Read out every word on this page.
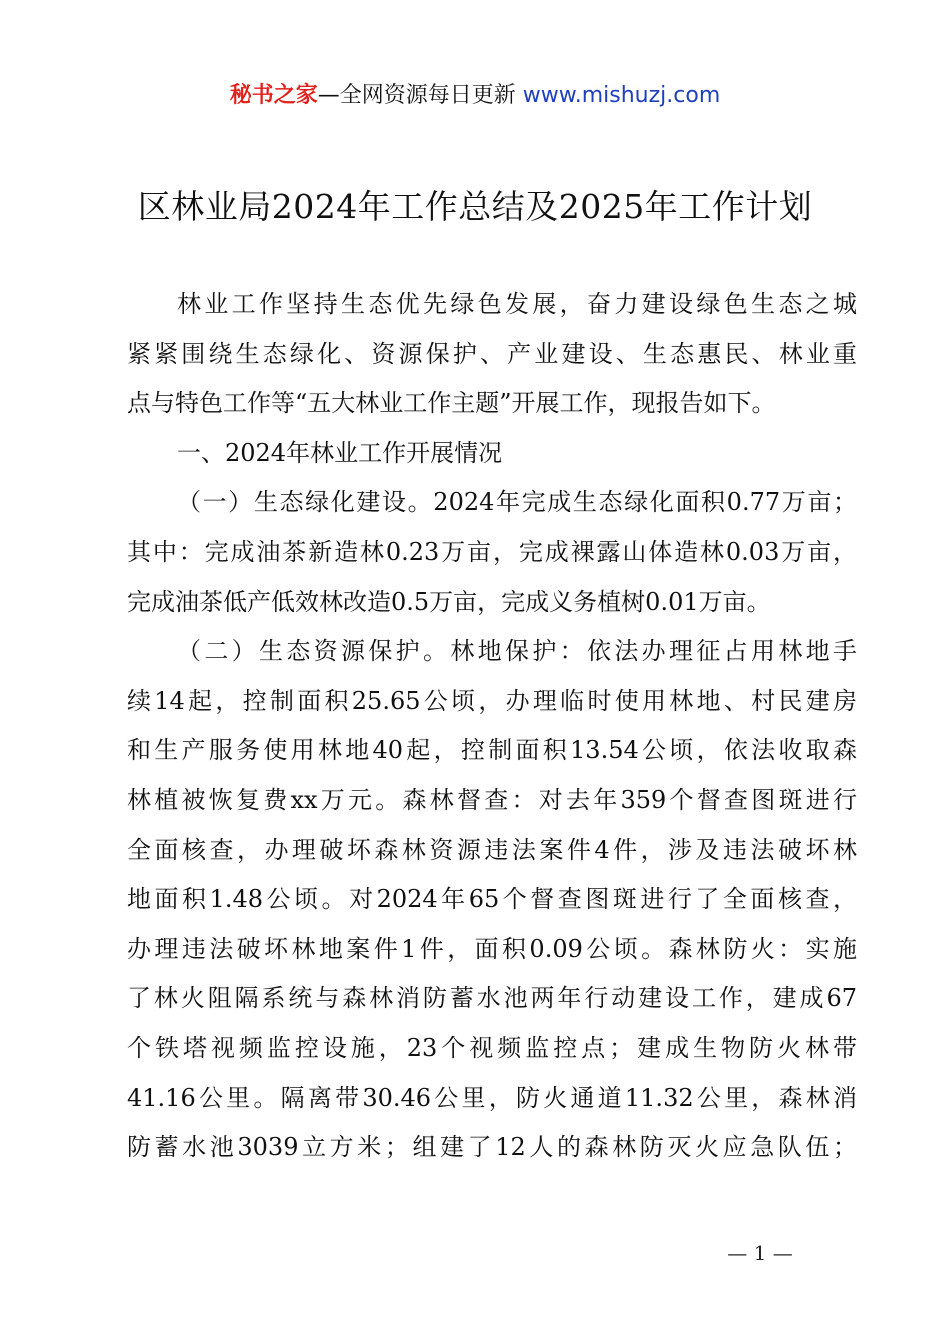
秘书之家—全网资源每日更新 www.mishuzj.com
区林业局2024年工作总结及2025年工作计划
林业工作坚持生态优先绿色发展，奋力建设绿色生态之城
紧紧围绕生态绿化、资源保护、产业建设、生态惠民、林业重
点与特色工作等“五大林业工作主题”开展工作，现报告如下。
一、2024年林业工作开展情况
（一）生态绿化建设。2024年完成生态绿化面积0.77万亩；
其中：完成油茶新造林0.23万亩，完成裸露山体造林0.03万亩，
完成油茶低产低效林改造0.5万亩，完成义务植树0.01万亩。
（二）生态资源保护。林地保护：依法办理征占用林地手
续14起，控制面积25.65公顷，办理临时使用林地、村民建房
和生产服务使用林地40起，控制面积13.54公顷，依法收取森
林植被恢复费xx万元。森林督查：对去年359个督查图斑进行
全面核查，办理破坏森林资源违法案件4件，涉及违法破坏林
地面积1.48公顷。对2024年65个督查图斑进行了全面核查，
办理违法破坏林地案件1件，面积0.09公顷。森林防火：实施
了林火阻隔系统与森林消防蓄水池两年行动建设工作，建成67
个铁塔视频监控设施，23个视频监控点；建成生物防火林带
41.16公里。隔离带30.46公里，防火通道11.32公里，森林消
防蓄水池3039立方米；组建了12人的森林防灭火应急队伍；
— 1 —
